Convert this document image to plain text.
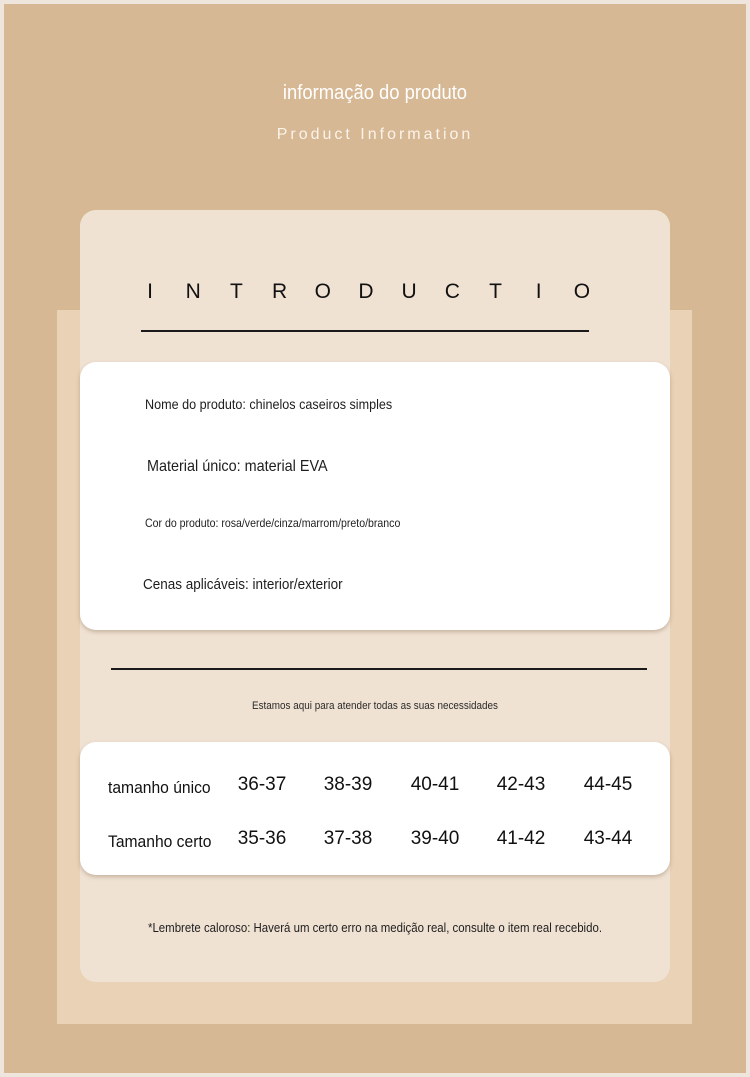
informação do produto
Product Information
I N T R O D U C T I O
Nome do produto: chinelos caseiros simples
Material único: material EVA
Cor do produto: rosa/verde/cinza/marrom/preto/branco
Cenas aplicáveis: interior/exterior
Estamos aqui para atender todas as suas necessidades
tamanho único	36-37	38-39	40-41	42-43	44-45
Tamanho certo	35-36	37-38	39-40	41-42	43-44
*Lembrete caloroso: Haverá um certo erro na medição real, consulte o item real recebido.
